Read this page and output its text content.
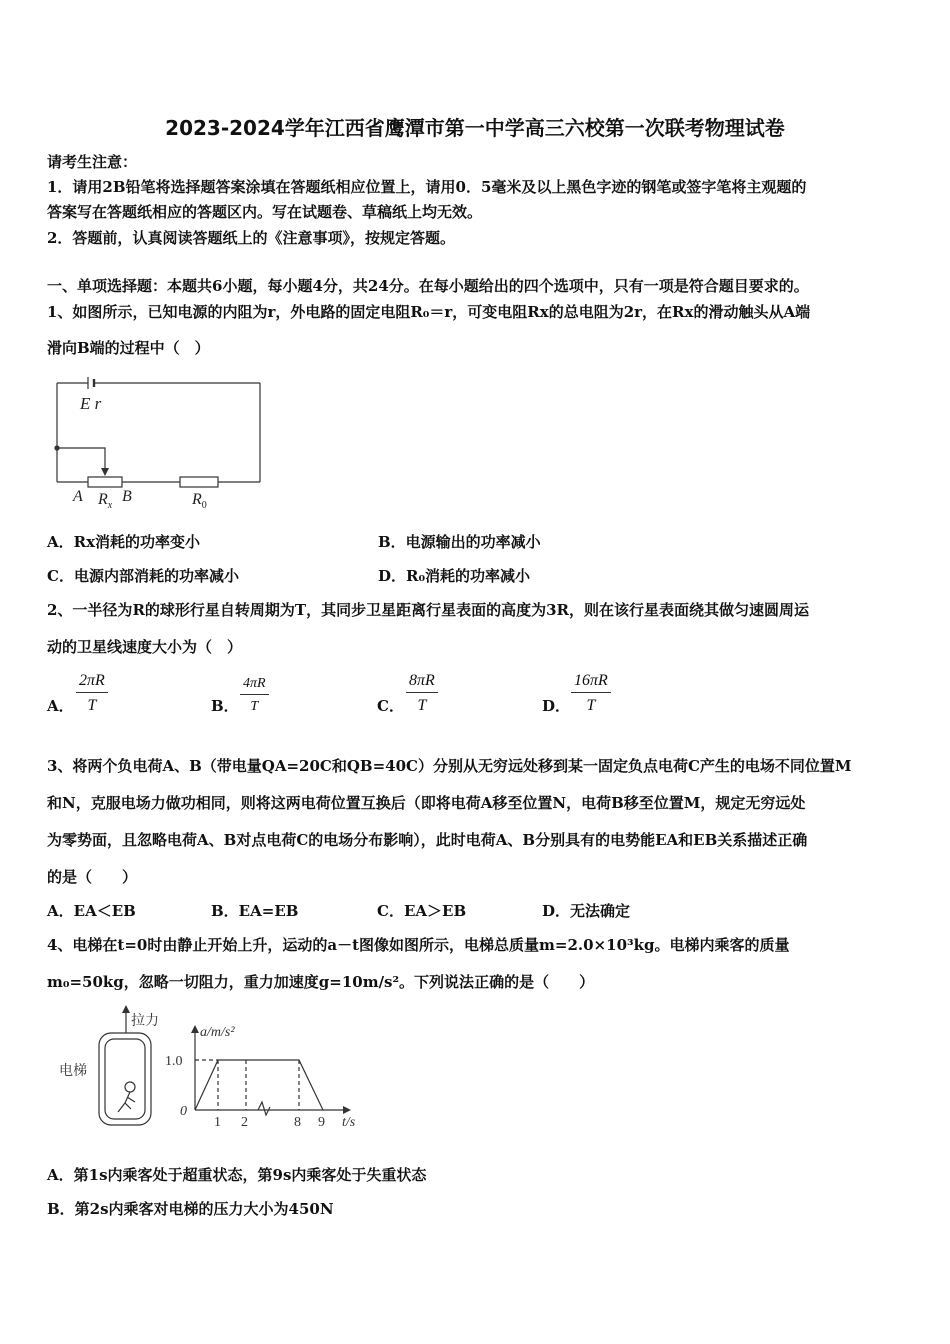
2023-2024学年江西省鹰潭市第一中学高三六校第一次联考物理试卷
请考生注意：
1．请用2B铅笔将选择题答案涂填在答题纸相应位置上，请用0．5毫米及以上黑色字迹的钢笔或签字笔将主观题的
答案写在答题纸相应的答题区内。写在试题卷、草稿纸上均无效。
2．答题前，认真阅读答题纸上的《注意事项》，按规定答题。
一、单项选择题：本题共6小题，每小题4分，共24分。在每小题给出的四个选项中，只有一项是符合题目要求的。
1、如图所示，已知电源的内阻为r，外电路的固定电阻R₀＝r，可变电阻Rx的总电阻为2r，在Rx的滑动触头从A端
滑向B端的过程中（　）
E r
A $R_x$
B	$R_0$
A．Rx消耗的功率变小	B．电源输出的功率减小
C．电源内部消耗的功率减小	D．R₀消耗的功率减小
2、一半径为R的球形行星自转周期为T，其同步卫星距离行星表面的高度为3R，则在该行星表面绕其做匀速圆周运
动的卫星线速度大小为（　）
A． $\frac{2\pi R}{T}$	B． $\frac{4\pi R}{T}$	C． $\frac{8\pi R}{T}$	D． $\frac{16\pi R}{T}$
3、将两个负电荷A、B（带电量QA=20C和QB=40C）分别从无穷远处移到某一固定负点电荷C产生的电场不同位置M
和N，克服电场力做功相同，则将这两电荷位置互换后（即将电荷A移至位置N，电荷B移至位置M，规定无穷远处
为零势面，且忽略电荷A、B对点电荷C的电场分布影响），此时电荷A、B分别具有的电势能EA和EB关系描述正确
的是（　　）
A．EA＜EB	B．EA=EB	C．EA＞EB	D．无法确定
4、电梯在t=0时由静止开始上升，运动的a－t图像如图所示，电梯总质量m=2.0×10³kg。电梯内乘客的质量
m₀=50kg，忽略一切阻力，重力加速度g=10m/s²。下列说法正确的是（　　）
拉力
电梯
a/m/s²
1.0
0
1 2	8 9 t/s
A．第1s内乘客处于超重状态，第9s内乘客处于失重状态
B．第2s内乘客对电梯的压力大小为450N
